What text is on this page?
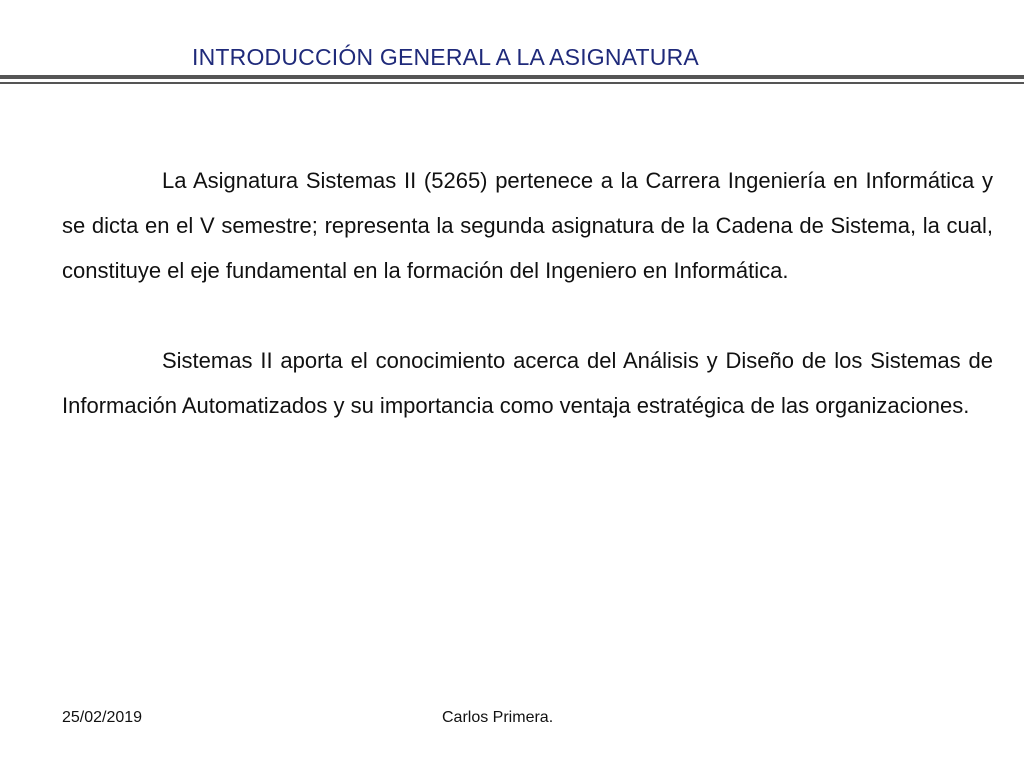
INTRODUCCIÓN GENERAL A LA ASIGNATURA

La Asignatura Sistemas II (5265) pertenece a la Carrera Ingeniería en Informática y se dicta en el V semestre; representa la segunda asignatura de la Cadena de Sistema, la cual, constituye el eje fundamental en la formación del Ingeniero en Informática.

Sistemas II aporta el conocimiento acerca del Análisis y Diseño de los Sistemas de Información Automatizados y su importancia como ventaja estratégica de las organizaciones.

25/02/2019	Carlos Primera.
